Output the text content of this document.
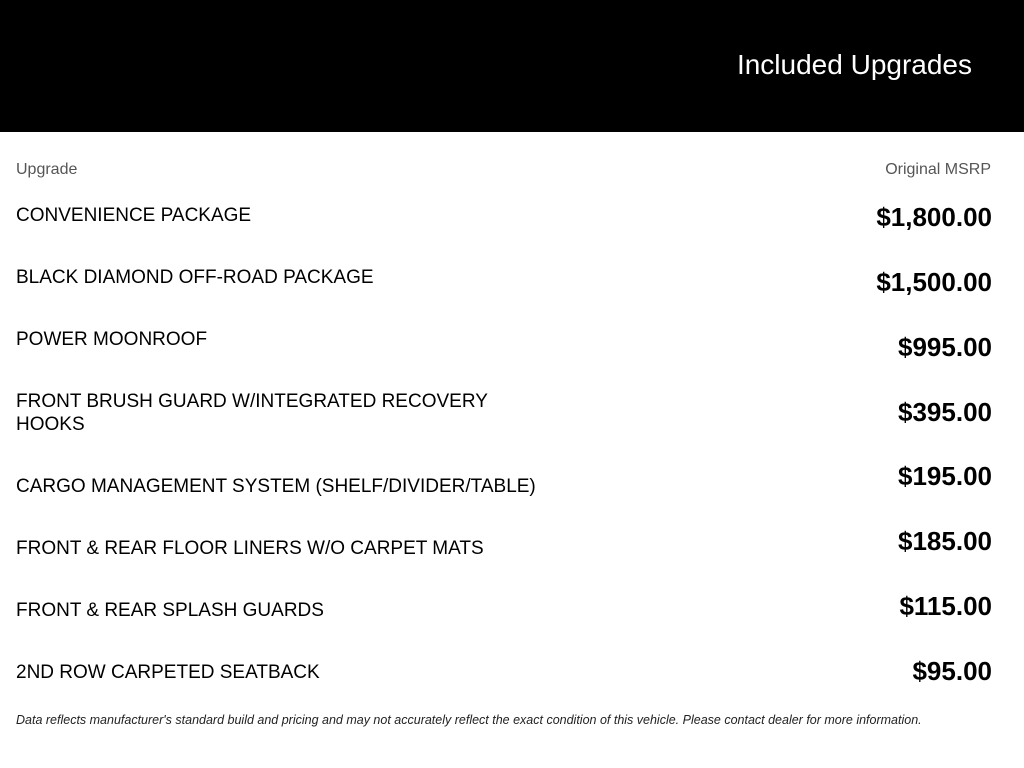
Included Upgrades
Upgrade	Original MSRP
CONVENIENCE PACKAGE	$1,800.00
BLACK DIAMOND OFF-ROAD PACKAGE	$1,500.00
POWER MOONROOF	$995.00
FRONT BRUSH GUARD W/INTEGRATED RECOVERY HOOKS	$395.00
CARGO MANAGEMENT SYSTEM (SHELF/DIVIDER/TABLE)	$195.00
FRONT & REAR FLOOR LINERS W/O CARPET MATS	$185.00
FRONT & REAR SPLASH GUARDS	$115.00
2ND ROW CARPETED SEATBACK	$95.00
Data reflects manufacturer's standard build and pricing and may not accurately reflect the exact condition of this vehicle. Please contact dealer for more information.
